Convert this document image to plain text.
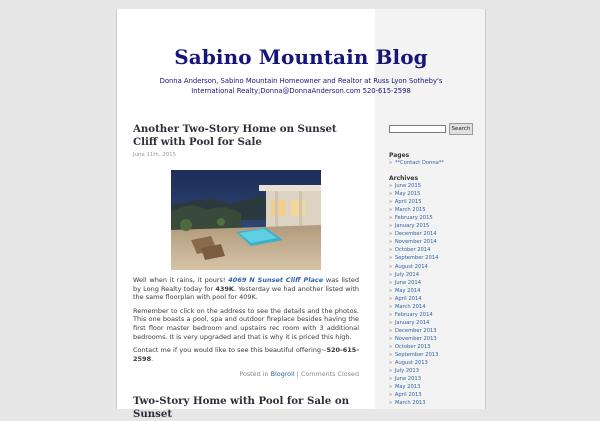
Sabino Mountain Blog
Donna Anderson, Sabino Mountain Homeowner and Realtor at Russ Lyon Sotheby's International Realty;Donna@DonnaAnderson.com 520-615-2598
Another Two-Story Home on Sunset Cliff with Pool for Sale
June 11th, 2015

Well when it rains, it pours! 4069 N Sunset Cliff Place was listed by Long Realty today for 439K. Yesterday we had another listed with the same floorplan with pool for 409K.

Remember to click on the address to see the details and the photos. This one boasts a pool, spa and outdoor fireplace besides having the first floor master bedroom and upstairs rec room with 3 additional bedrooms. It is very upgraded and that is why it is priced this high.

Contact me if you would like to see this beautiful offering~520-615-2598.

Posted in Blogroll | Comments Closed
Two-Story Home with Pool for Sale on Sunset
Search
Pages
» **Contact Donna**
Archives
» June 2015
» May 2015
» April 2015
» March 2015
» February 2015
» January 2015
» December 2014
» November 2014
» October 2014
» September 2014
» August 2014
» July 2014
» June 2014
» May 2014
» April 2014
» March 2014
» February 2014
» January 2014
» December 2013
» November 2013
» October 2013
» September 2013
» August 2013
» July 2013
» June 2013
» May 2013
» April 2013
» March 2013
